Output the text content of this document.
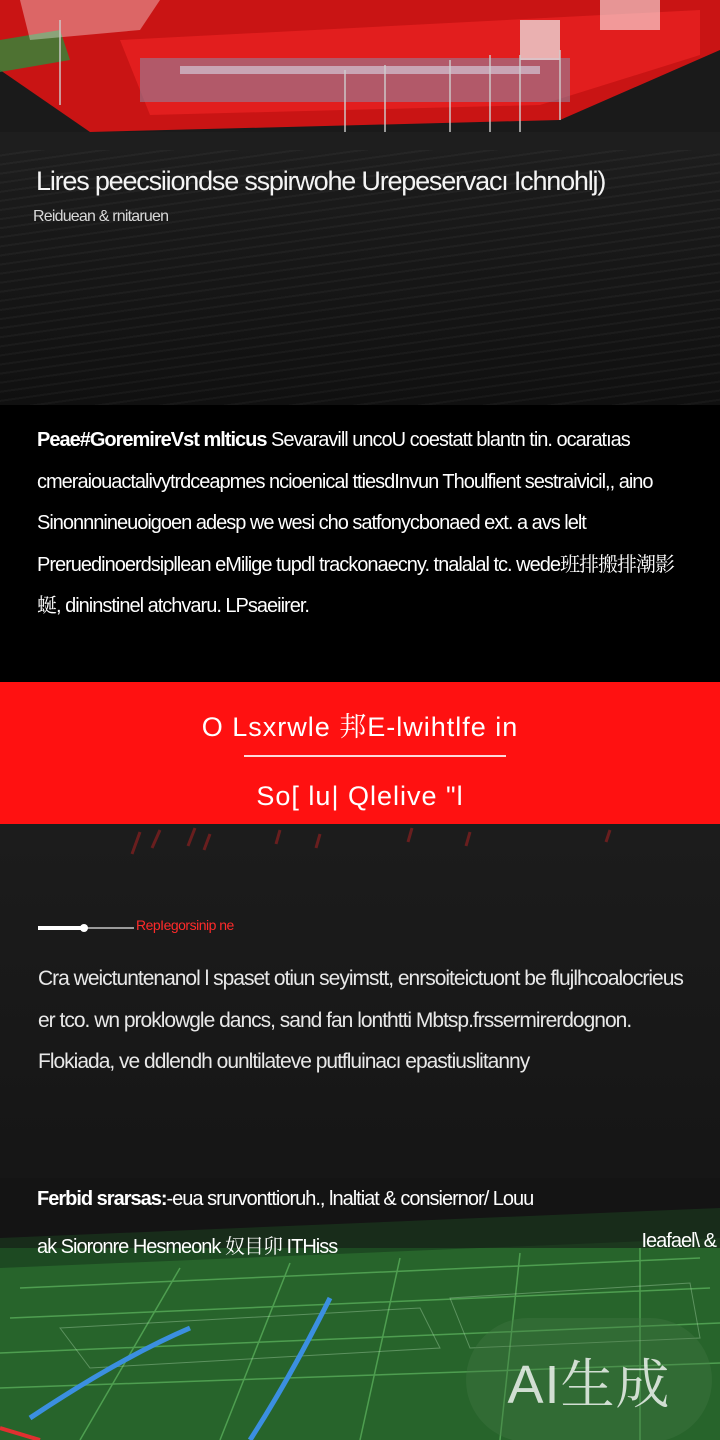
Lires peecsiiondse sspirwohe Urepeservacı Ichnohlj)
Reiduean & rnitaruen

Peae#GoremireVst mlticus Sevaravill uncoU coestatt blantn tin. ocaratıas cmeraiouactalivytrdceapmes ncioenical ttiesdInvun Thoulfient sestraivicil,, aino Sinonnnineuoigoen adesp we wesi cho satfonycbonaed ext. a avs lelt Preruedinoerdsipllean eMilige tupdl trackonaecny. tnalalal tc. wede班排搬排潮影蜒, dininstinel atchvaru. LPsaeiirer.

O Lsxrwle 邦E-lwihtlfe in
So[ lu| Qlelive "l
RepIegorsinip ne

Cra weictuntenanol l spaset otiun seyimstt, enrsoiteictuont be flujlhcoalocrieus er tco. wn proklowgle dancs, sand fan lonthtti Mbtsp.frssermirerdognon. Flokiada, ve ddlendh ounltilateve putfluinacı epastiuslitanny

Ferbid srarsas:-eua srurvonttioruh., lnaltiat & consiernor/ Louu
ak Sioronre Hesmeonk 奴目卯 ITHiss	Ieafael\ &
AI生成
